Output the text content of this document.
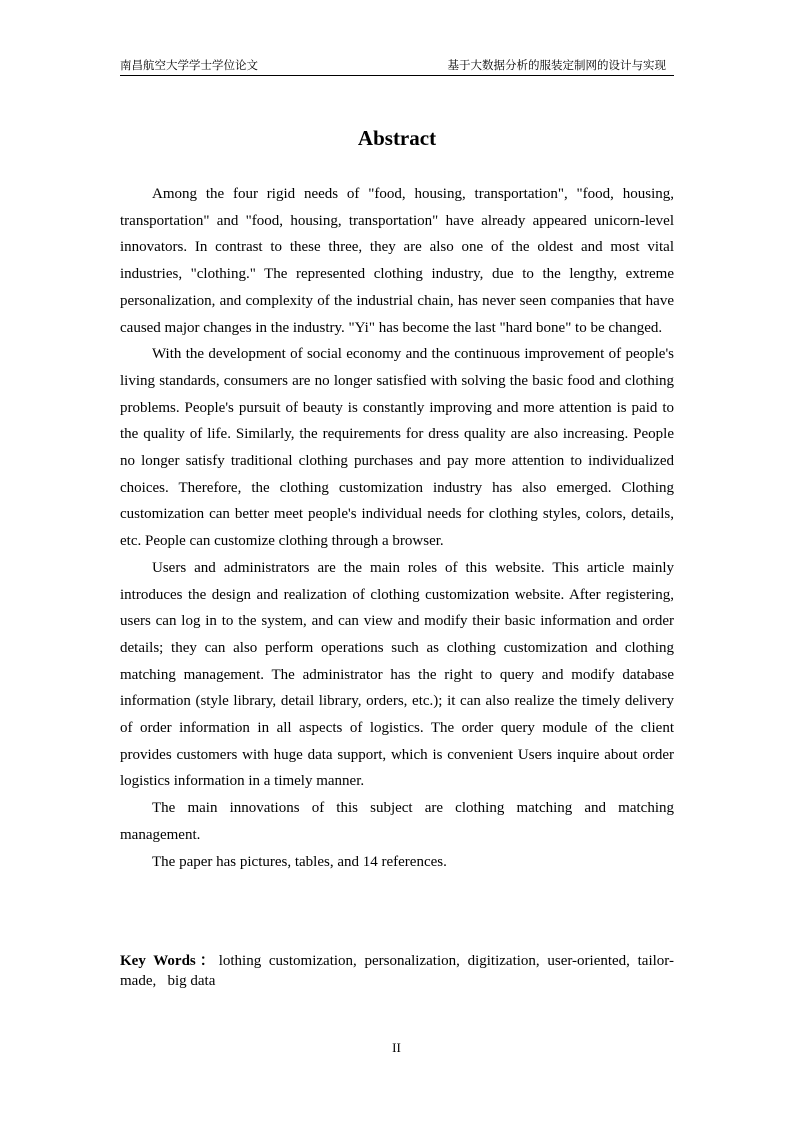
南昌航空大学学士学位论文	基于大数据分析的服装定制网的设计与实现
Abstract

Among the four rigid needs of "food, housing, transportation", "food, housing, transportation" and "food, housing, transportation" have already appeared unicorn-level innovators. In contrast to these three, they are also one of the oldest and most vital industries, "clothing." The represented clothing industry, due to the lengthy, extreme personalization, and complexity of the industrial chain, has never seen companies that have caused major changes in the industry. "Yi" has become the last "hard bone" to be changed.

With the development of social economy and the continuous improvement of people's living standards, consumers are no longer satisfied with solving the basic food and clothing problems. People's pursuit of beauty is constantly improving and more attention is paid to the quality of life. Similarly, the requirements for dress quality are also increasing. People no longer satisfy traditional clothing purchases and pay more attention to individualized choices. Therefore, the clothing customization industry has also emerged. Clothing customization can better meet people's individual needs for clothing styles, colors, details, etc. People can customize clothing through a browser.

Users and administrators are the main roles of this website. This article mainly introduces the design and realization of clothing customization website. After registering, users can log in to the system, and can view and modify their basic information and order details; they can also perform operations such as clothing customization and clothing matching management. The administrator has the right to query and modify database information (style library, detail library, orders, etc.); it can also realize the timely delivery of order information in all aspects of logistics. The order query module of the client provides customers with huge data support, which is convenient Users inquire about order logistics information in a timely manner.

The main innovations of this subject are clothing matching and matching management.

The paper has pictures, tables, and 14 references.

Key Words：lothing customization, personalization, digitization, user-oriented, tailor-made,   big data
II
